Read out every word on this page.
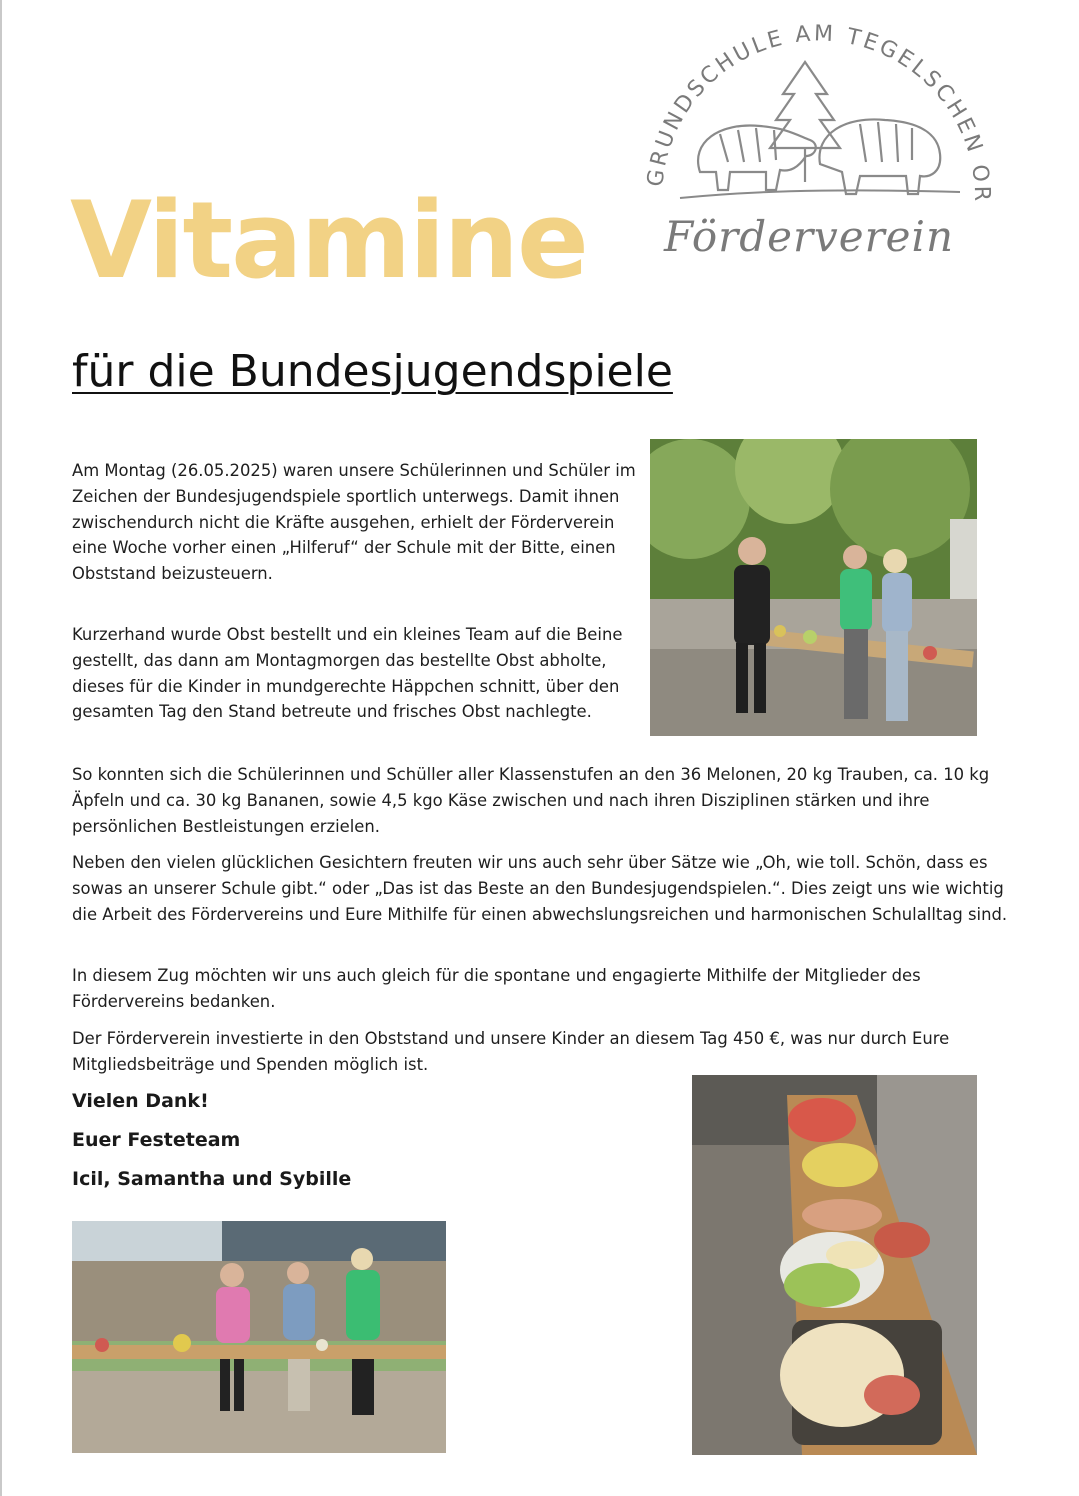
GRUNDSCHULE AM TEGELSCHEN OR
Förderverein
Vitamine
für die Bundesjugendspiele

Am Montag (26.05.2025) waren unsere Schülerinnen und Schüler im Zeichen der Bundesjugendspiele sportlich unterwegs. Damit ihnen zwischendurch nicht die Kräfte ausgehen, erhielt der Förderverein eine Woche vorher einen „Hilferuf“ der Schule mit der Bitte, einen Obststand beizusteuern.

Kurzerhand wurde Obst bestellt und ein kleines Team auf die Beine gestellt, das dann am Montagmorgen das bestellte Obst abholte, dieses für die Kinder in mundgerechte Häppchen schnitt, über den gesamten Tag den Stand betreute und frisches Obst nachlegte.

So konnten sich die Schülerinnen und Schüller aller Klassenstufen an den 36 Melonen, 20 kg Trauben, ca. 10 kg Äpfeln und ca. 30 kg Bananen, sowie 4,5 kgo Käse zwischen und nach ihren Disziplinen stärken und ihre persönlichen Bestleistungen erzielen.

Neben den vielen glücklichen Gesichtern freuten wir uns auch sehr über Sätze wie „Oh, wie toll. Schön, dass es sowas an unserer Schule gibt.“ oder „Das ist das Beste an den Bundesjugendspielen.“. Dies zeigt uns wie wichtig die Arbeit des Fördervereins und Eure Mithilfe für einen abwechslungsreichen und harmonischen Schulalltag sind.

In diesem Zug möchten wir uns auch gleich für die spontane und engagierte Mithilfe der Mitglieder des Fördervereins bedanken.

Der Förderverein investierte in den Obststand und unsere Kinder an diesem Tag 450 €, was nur durch Eure Mitgliedsbeiträge und Spenden möglich ist.

Vielen Dank!
Euer Festeteam
Icil, Samantha und Sybille
